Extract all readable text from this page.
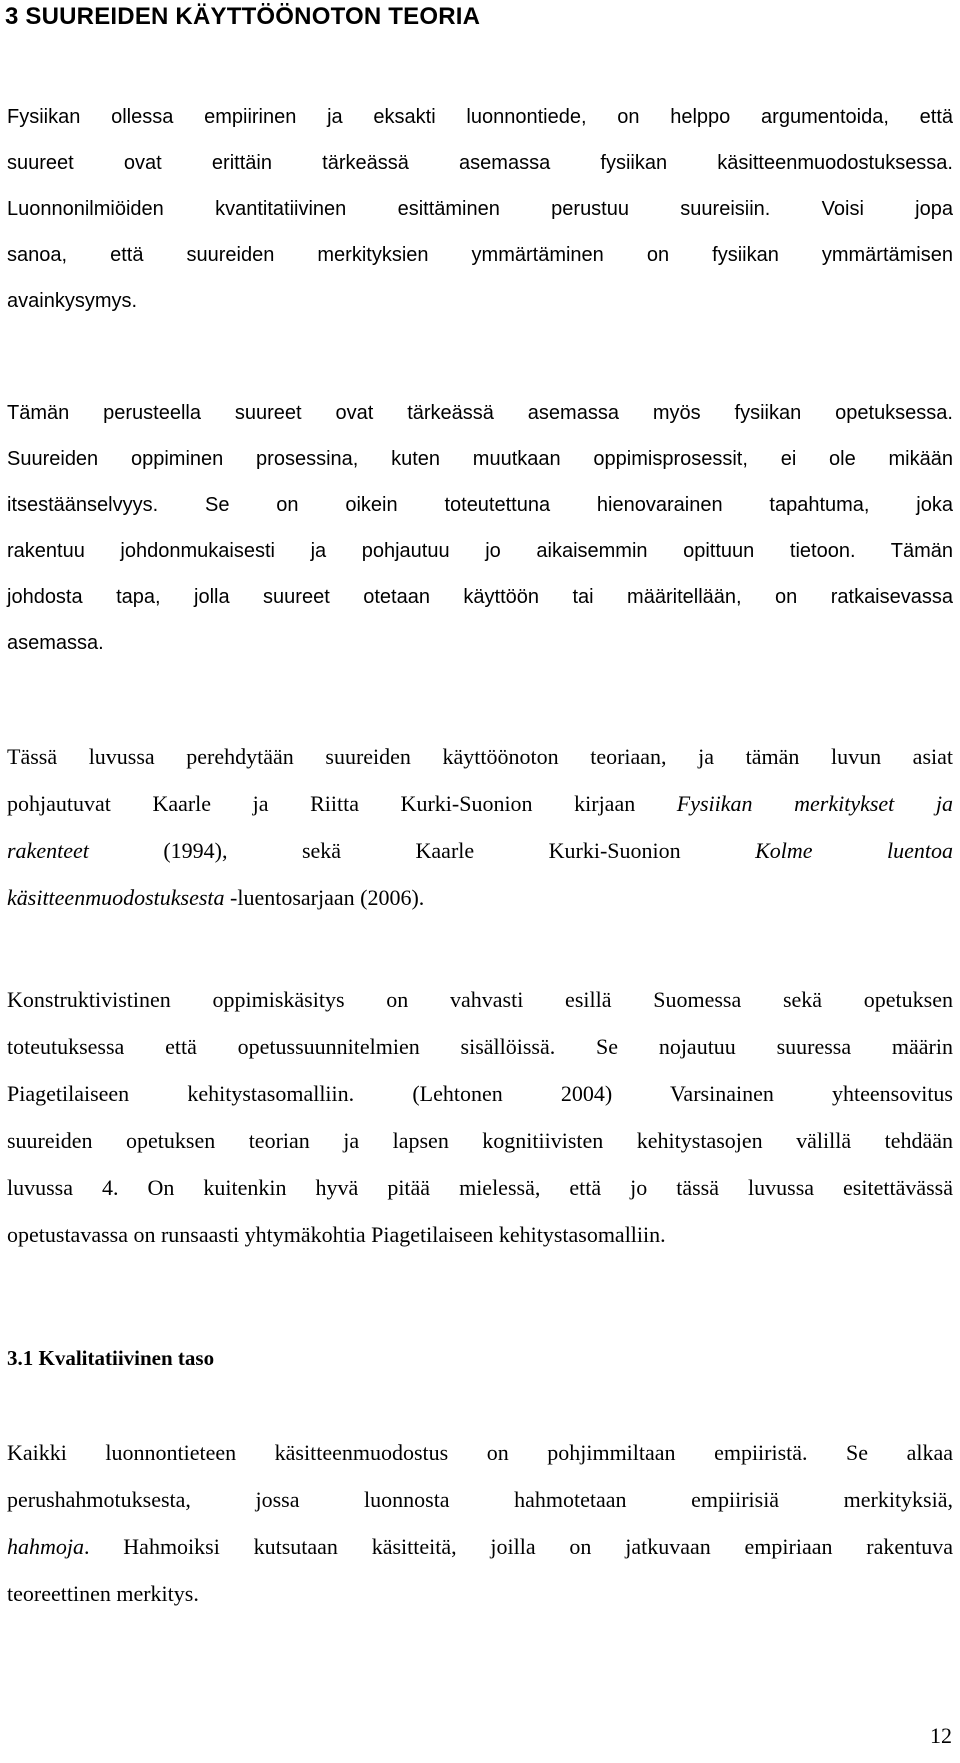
3 SUUREIDEN KÄYTTÖÖNOTON TEORIA
Fysiikan ollessa empiirinen ja eksakti luonnontiede, on helppo argumentoida, että
suureet ovat erittäin tärkeässä asemassa fysiikan käsitteenmuodostuksessa.
Luonnonilmiöiden kvantitatiivinen esittäminen perustuu suureisiin. Voisi jopa
sanoa, että suureiden merkityksien ymmärtäminen on fysiikan ymmärtämisen
avainkysymys.
Tämän perusteella suureet ovat tärkeässä asemassa myös fysiikan opetuksessa.
Suureiden oppiminen prosessina, kuten muutkaan oppimisprosessit, ei ole mikään
itsestäänselvyys. Se on oikein toteutettuna hienovarainen tapahtuma, joka
rakentuu johdonmukaisesti ja pohjautuu jo aikaisemmin opittuun tietoon. Tämän
johdosta tapa, jolla suureet otetaan käyttöön tai määritellään, on ratkaisevassa
asemassa.
Tässä luvussa perehdytään suureiden käyttöönoton teoriaan, ja tämän luvun asiat
pohjautuvat Kaarle ja Riitta Kurki-Suonion kirjaan Fysiikan merkitykset ja
rakenteet	(1994), sekä Kaarle Kurki-Suonion	Kolme luentoa
käsitteenmuodostuksesta -luentosarjaan (2006).
Konstruktivistinen oppimiskäsitys on vahvasti esillä Suomessa sekä opetuksen
toteutuksessa että opetussuunnitelmien sisällöissä. Se nojautuu suuressa määrin
Piagetilaiseen kehitystasomalliin. (Lehtonen 2004) Varsinainen yhteensovitus
suureiden opetuksen teorian ja lapsen kognitiivisten kehitystasojen välillä tehdään
luvussa 4. On kuitenkin hyvä pitää mielessä, että jo tässä luvussa esitettävässä
opetustavassa on runsaasti yhtymäkohtia Piagetilaiseen kehitystasomalliin.
3.1 Kvalitatiivinen taso
Kaikki luonnontieteen käsitteenmuodostus on pohjimmiltaan empiiristä. Se alkaa
perushahmotuksesta, jossa luonnosta hahmotetaan empiirisiä merkityksiä,
hahmoja. Hahmoiksi kutsutaan käsitteitä, joilla on jatkuvaan empiriaan rakentuva
teoreettinen merkitys.
12
